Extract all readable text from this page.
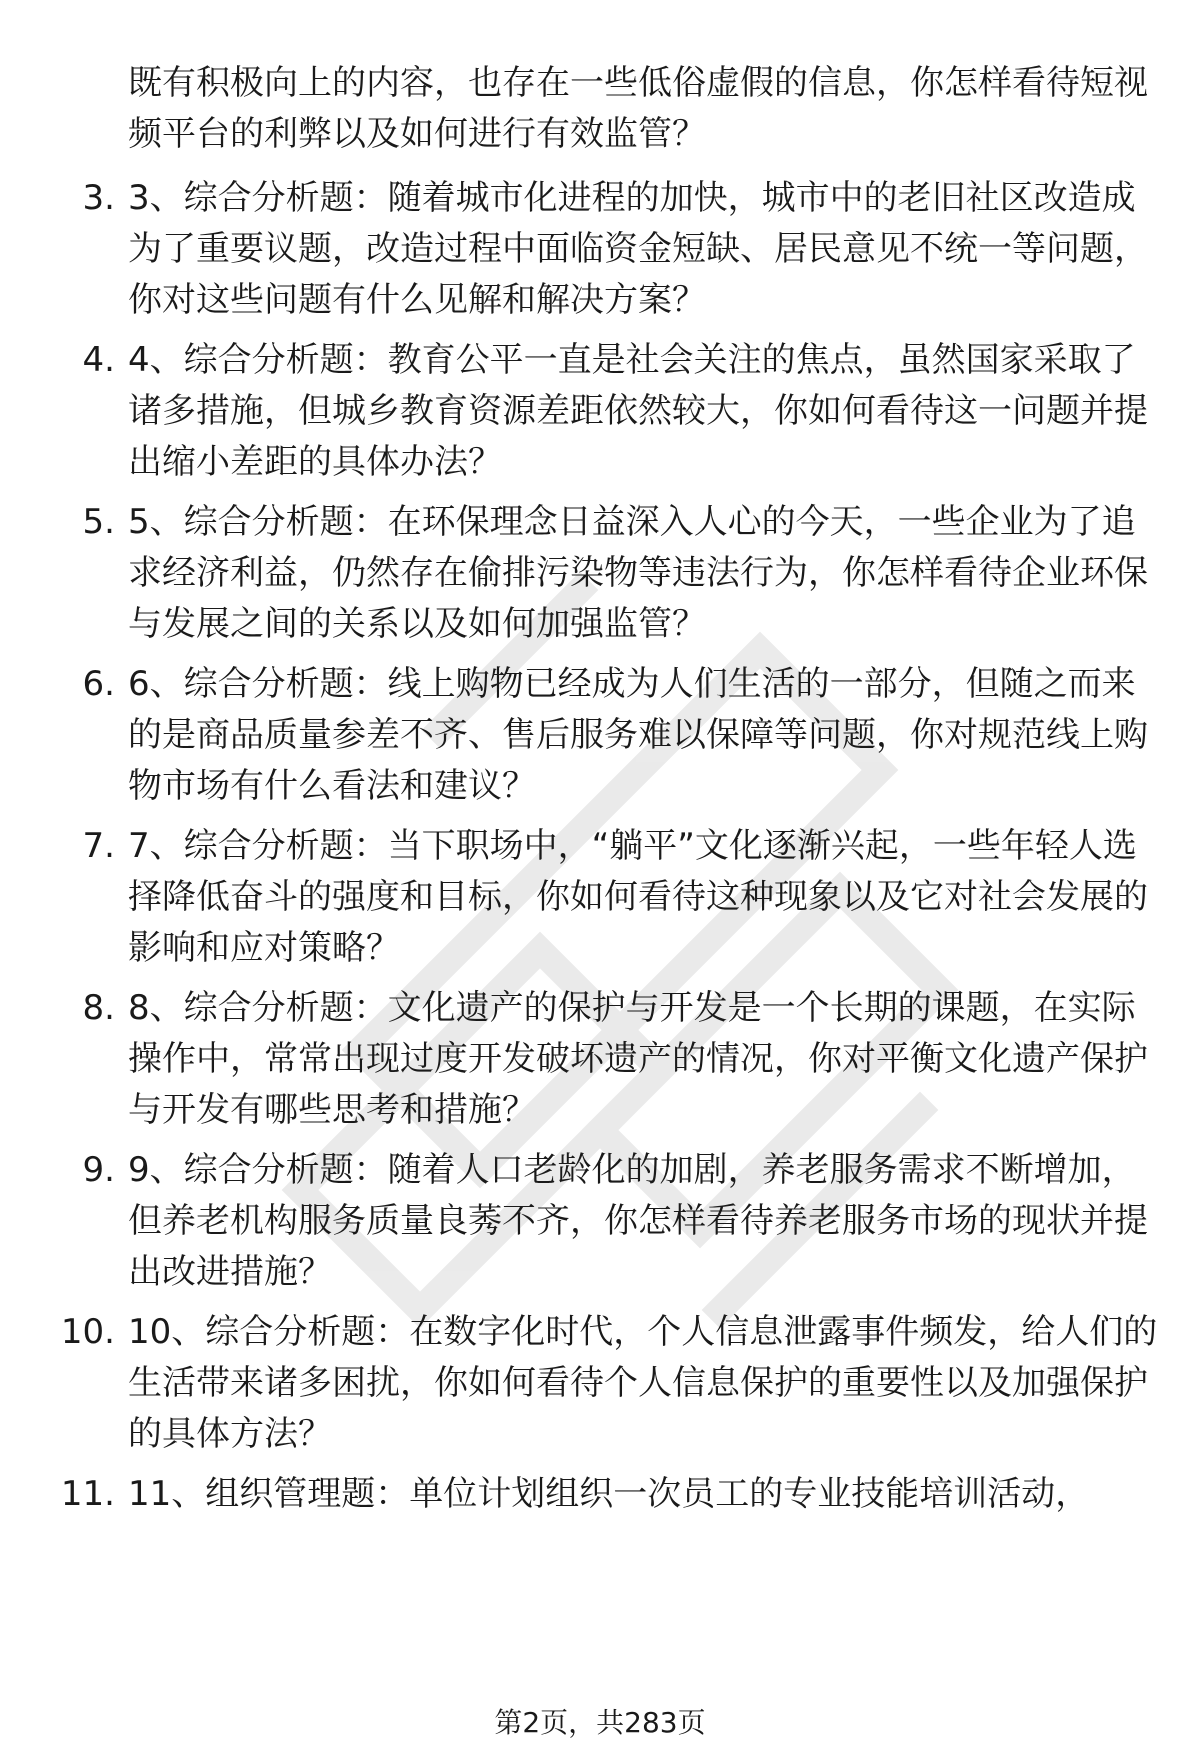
既有积极向上的内容，也存在一些低俗虚假的信息，你怎样看待短视频平台的利弊以及如何进行有效监管？
3. 3、综合分析题：随着城市化进程的加快，城市中的老旧社区改造成为了重要议题，改造过程中面临资金短缺、居民意见不统一等问题，你对这些问题有什么见解和解决方案？
4. 4、综合分析题：教育公平一直是社会关注的焦点，虽然国家采取了诸多措施，但城乡教育资源差距依然较大，你如何看待这一问题并提出缩小差距的具体办法？
5. 5、综合分析题：在环保理念日益深入人心的今天，一些企业为了追求经济利益，仍然存在偷排污染物等违法行为，你怎样看待企业环保与发展之间的关系以及如何加强监管？
6. 6、综合分析题：线上购物已经成为人们生活的一部分，但随之而来的是商品质量参差不齐、售后服务难以保障等问题，你对规范线上购物市场有什么看法和建议？
7. 7、综合分析题：当下职场中，“躺平”文化逐渐兴起，一些年轻人选择降低奋斗的强度和目标，你如何看待这种现象以及它对社会发展的影响和应对策略？
8. 8、综合分析题：文化遗产的保护与开发是一个长期的课题，在实际操作中，常常出现过度开发破坏遗产的情况，你对平衡文化遗产保护与开发有哪些思考和措施？
9. 9、综合分析题：随着人口老龄化的加剧，养老服务需求不断增加，但养老机构服务质量良莠不齐，你怎样看待养老服务市场的现状并提出改进措施？
10. 10、综合分析题：在数字化时代，个人信息泄露事件频发，给人们的生活带来诸多困扰，你如何看待个人信息保护的重要性以及加强保护的具体方法？
11. 11、组织管理题：单位计划组织一次员工的专业技能培训活动，
第2页，共283页
